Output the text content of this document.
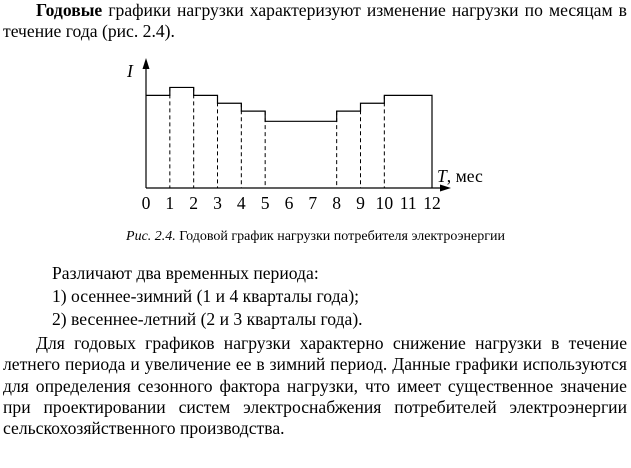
Годовые графики нагрузки характеризуют изменение нагрузки по месяцам в течение года (рис. 2.4).

I
T, мес
0 1 2 3 4 5 6 7 8 9 10 11 12

Рис. 2.4. Годовой график нагрузки потребителя электроэнергии

Различают два временных периода:

1) осеннее-зимний (1 и 4 кварталы года);

2) весеннее-летний (2 и 3 кварталы года).

Для годовых графиков нагрузки характерно снижение нагрузки в течение летнего периода и увеличение ее в зимний период. Данные графики используются для определения сезонного фактора нагрузки, что имеет существенное значение при проектировании систем электроснабжения потребителей электроэнергии сельскохозяйственного производства.
